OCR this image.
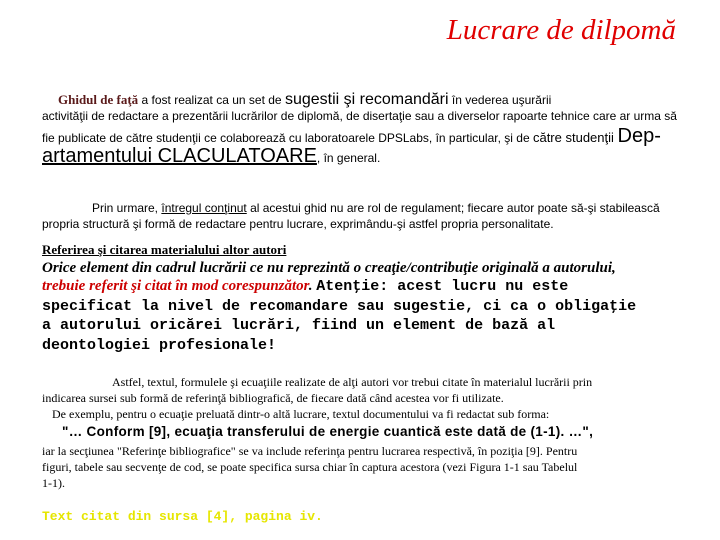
Lucrare de dilpomă
Ghidul de faţă a fost realizat ca un set de sugestii şi recomandări în vederea uşurării
activităţii de redactare a prezentării lucrărilor de diplomă, de disertaţie sau a diverselor rapoarte tehnice care ar urma să
fie publicate de către studenţii ce colaborează cu laboratoarele DPSLabs, în particular, şi de către studenţii Dep-
artamentului CLACULATOARE, în general.
Prin urmare, întregul conţinut al acestui ghid nu are rol de regulament; fiecare autor poate să-şi stabilească
propria structură şi formă de redactare pentru lucrare, exprimându-şi astfel propria personalitate.
Referirea şi citarea materialului altor autori
Orice element din cadrul lucrării ce nu reprezintă o creaţie/contribuţie originală a autorului,
trebuie referit şi citat în mod corespunzător. Atenţie: acest lucru nu este
specificat la nivel de recomandare sau sugestie, ci ca o obligaţie
a autorului oricărei lucrări, fiind un element de bază al
deontologiei profesionale!
Astfel, textul, formulele şi ecuaţiile realizate de alţi autori vor trebui citate în materialul lucrării prin
indicarea sursei sub formă de referinţă bibliografică, de fiecare dată când acestea vor fi utilizate.
De exemplu, pentru o ecuaţie preluată dintr-o altă lucrare, textul documentului va fi redactat sub forma:
"… Conform [9], ecuaţia transferului de energie cuantică este dată de (1-1). …",
iar la secţiunea "Referinţe bibliografice" se va include referinţa pentru lucrarea respectivă, în poziţia [9]. Pentru
figuri, tabele sau secvenţe de cod, se poate specifica sursa chiar în captura acestora (vezi Figura 1-1 sau Tabelul
1-1).
Text citat din sursa [4], pagina iv.
